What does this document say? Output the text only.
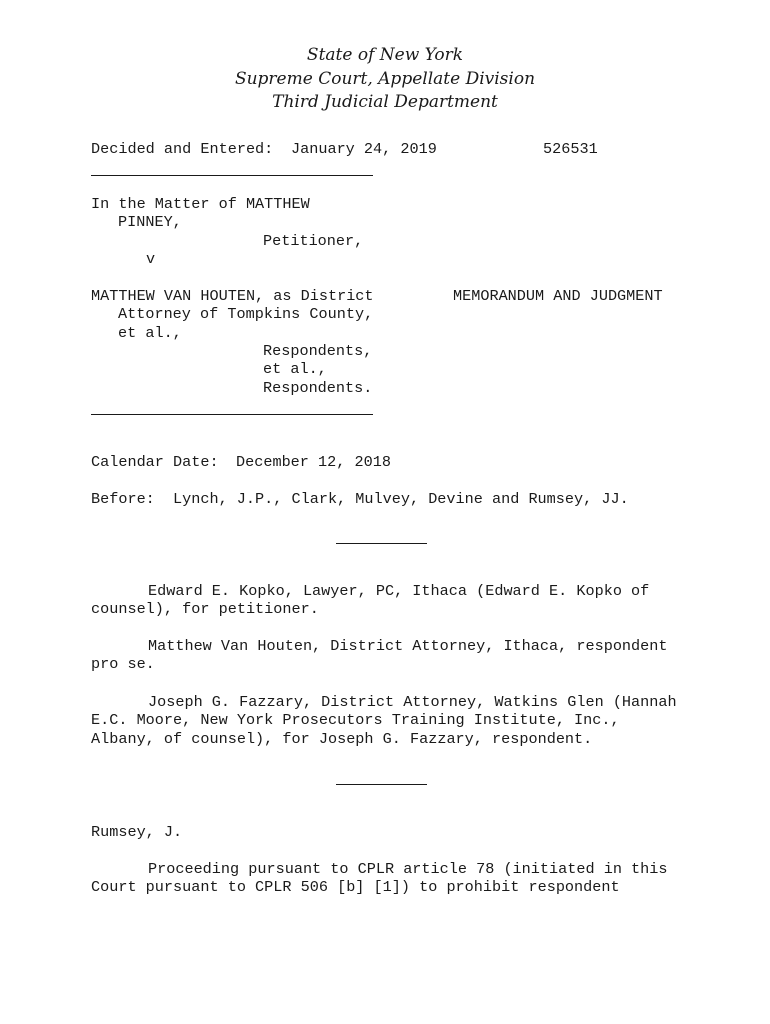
State of New York
Supreme Court, Appellate Division
Third Judicial Department
Decided and Entered: January 24, 2019	526531
In the Matter of MATTHEW
PINNEY,
Petitioner,
v
MATTHEW VAN HOUTEN, as District
Attorney of Tompkins County,
et al.,
Respondents,
et al.,
Respondents.
MEMORANDUM AND JUDGMENT
Calendar Date: December 12, 2018
Before: Lynch, J.P., Clark, Mulvey, Devine and Rumsey, JJ.
Edward E. Kopko, Lawyer, PC, Ithaca (Edward E. Kopko of
counsel), for petitioner.
Matthew Van Houten, District Attorney, Ithaca, respondent
pro se.
Joseph G. Fazzary, District Attorney, Watkins Glen (Hannah
E.C. Moore, New York Prosecutors Training Institute, Inc.,
Albany, of counsel), for Joseph G. Fazzary, respondent.
Rumsey, J.
Proceeding pursuant to CPLR article 78 (initiated in this
Court pursuant to CPLR 506 [b] [1]) to prohibit respondent
